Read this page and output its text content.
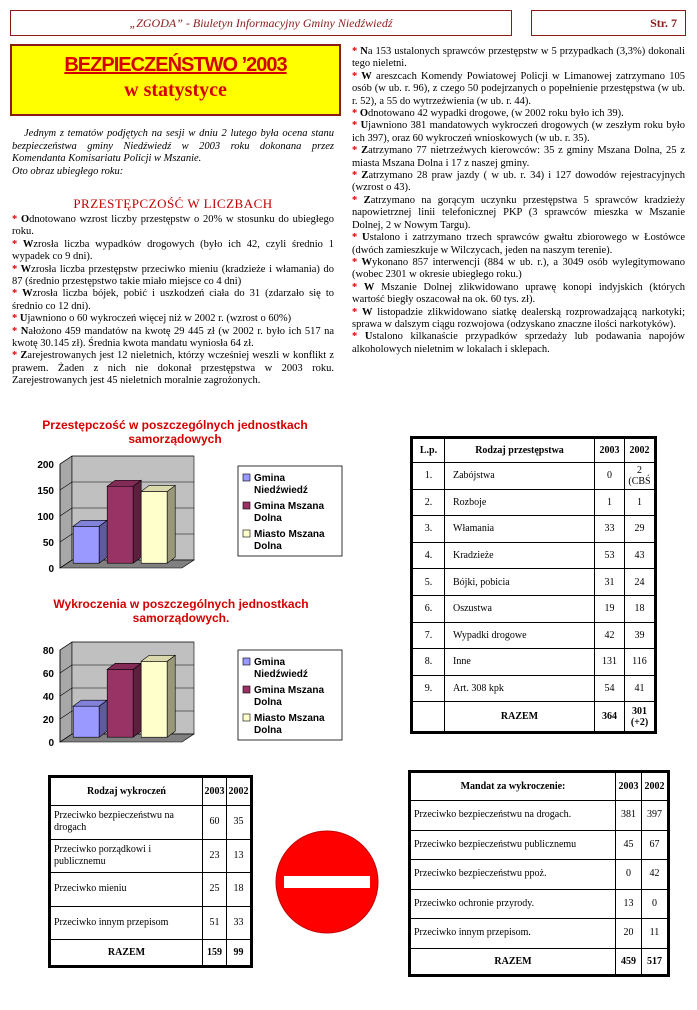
„ZGODA” - Biuletyn Informacyjny Gminy Niedźwiedź	Str. 7
BEZPIECZEŃSTWO ’2003
w statystyce

Jednym z tematów podjętych na sesji w dniu 2 lutego była ocena stanu bezpieczeństwa gminy Niedźwiedź w 2003 roku dokonana przez Komendanta Komisariatu Policji w Mszanie.

Oto obraz ubiegłego roku:

PRZESTĘPCZOŚĆ W LICZBACH

* Odnotowano wzrost liczby przestępstw o 20% w stosunku do ubiegłego roku.

* Wzrosła liczba wypadków drogowych (było ich 42, czyli średnio 1 wypadek co 9 dni).

* Wzrosła liczba przestępstw przeciwko mieniu (kradzieże i włamania) do 87 (średnio przestępstwo takie miało miejsce co 4 dni)

* Wzrosła liczba bójek, pobić i uszkodzeń ciała do 31 (zdarzało się to średnio co 12 dni).

* Ujawniono o 60 wykroczeń więcej niż w 2002 r. (wzrost o 60%)

* Nałożono 459 mandatów na kwotę 29 445 zł (w 2002 r. było ich 517 na kwotę 30.145 zł). Średnia kwota mandatu wyniosła 64 zł.

* Zarejestrowanych jest 12 nieletnich, którzy wcześniej weszli w konflikt z prawem. Żaden z nich nie dokonał przestępstwa w 2003 roku. Zarejestrowanych jest 45 nieletnich moralnie zagrożonych.

* Na 153 ustalonych sprawców przestępstw w 5 przypadkach (3,3%) dokonali tego nieletni.

* W areszcach Komendy Powiatowej Policji w Limanowej zatrzymano 105 osób (w ub. r. 96), z czego 50 podejrzanych o popełnienie przestępstwa (w ub. r. 52), a 55 do wytrzeźwienia (w ub. r. 44).

* Odnotowano 42 wypadki drogowe, (w 2002 roku było ich 39).

* Ujawniono 381 mandatowych wykroczeń drogowych (w zeszłym roku było ich 397), oraz 60 wykroczeń wnioskowych (w ub. r. 35).

* Zatrzymano 77 nietrzeźwych kierowców: 35 z gminy Mszana Dolna, 25 z miasta Mszana Dolna i 17 z naszej gminy.

* Zatrzymano 28 praw jazdy ( w ub. r. 34) i 127 dowodów rejestracyjnych (wzrost o 43).

* Zatrzymano na gorącym uczynku przestępstwa 5 sprawców kradzieży napowietrznej linii telefonicznej PKP (3 sprawców mieszka w Mszanie Dolnej, 2 w Nowym Targu).

* Ustalono i zatrzymano trzech sprawców gwałtu zbiorowego w Łostówce (dwóch zamieszkuje w Wilczycach, jeden na naszym terenie).

* Wykonano 857 interwencji (884 w ub. r.), a 3049 osób wylegitymowano (wobec 2301 w okresie ubiegłego roku.)

* W Mszanie Dolnej zlikwidowano uprawę konopi indyjskich (których wartość biegły oszacował na ok. 60 tys. zł).

* W listopadzie zlikwidowano siatkę dealerską rozprowadzającą narkotyki; sprawa w dalszym ciągu rozwojowa (odzyskano znaczne ilości narkotyków).

* Ustalono kilkanaście przypadków sprzedaży lub podawania napojów alkoholowych nieletnim w lokalach i sklepach.

Przestępczość w poszczególnych jednostkach samorządowych
0
50
100
150
200
Gmina Niedźwiedź
Gmina Mszana Dolna
Miasto Mszana Dolna
Wykroczenia w poszczególnych jednostkach samorządowych.
0
20
40
60
80
Gmina Niedźwiedź
Gmina Mszana Dolna
Miasto Mszana Dolna
L.p.	Rodzaj przestępstwa	2003	2002
1.	Zabójstwa	0	2 (CBŚ
2.	Rozboje	1	1
3.	Włamania	33	29
4.	Kradzieże	53	43
5.	Bójki, pobicia	31	24
6.	Oszustwa	19	18
7.	Wypadki drogowe	42	39
8.	Inne	131	116
9.	Art. 308 kpk	54	41
	RAZEM	364	301 (+2)
Rodzaj wykroczeń	2003	2002
Przeciwko bezpieczeństwu na drogach	60	35
Przeciwko porządkowi i publicznemu	23	13
Przeciwko mieniu	25	18
Przeciwko innym przepisom	51	33
RAZEM	159	99
Mandat za wykroczenie:	2003	2002
Przeciwko bezpieczeństwu na drogach.	381	397
Przeciwko bezpieczeństwu publicznemu	45	67
Przeciwko bezpieczeństwu ppoż.	0	42
Przeciwko ochronie przyrody.	13	0
Przeciwko innym przepisom.	20	11
RAZEM	459	517
